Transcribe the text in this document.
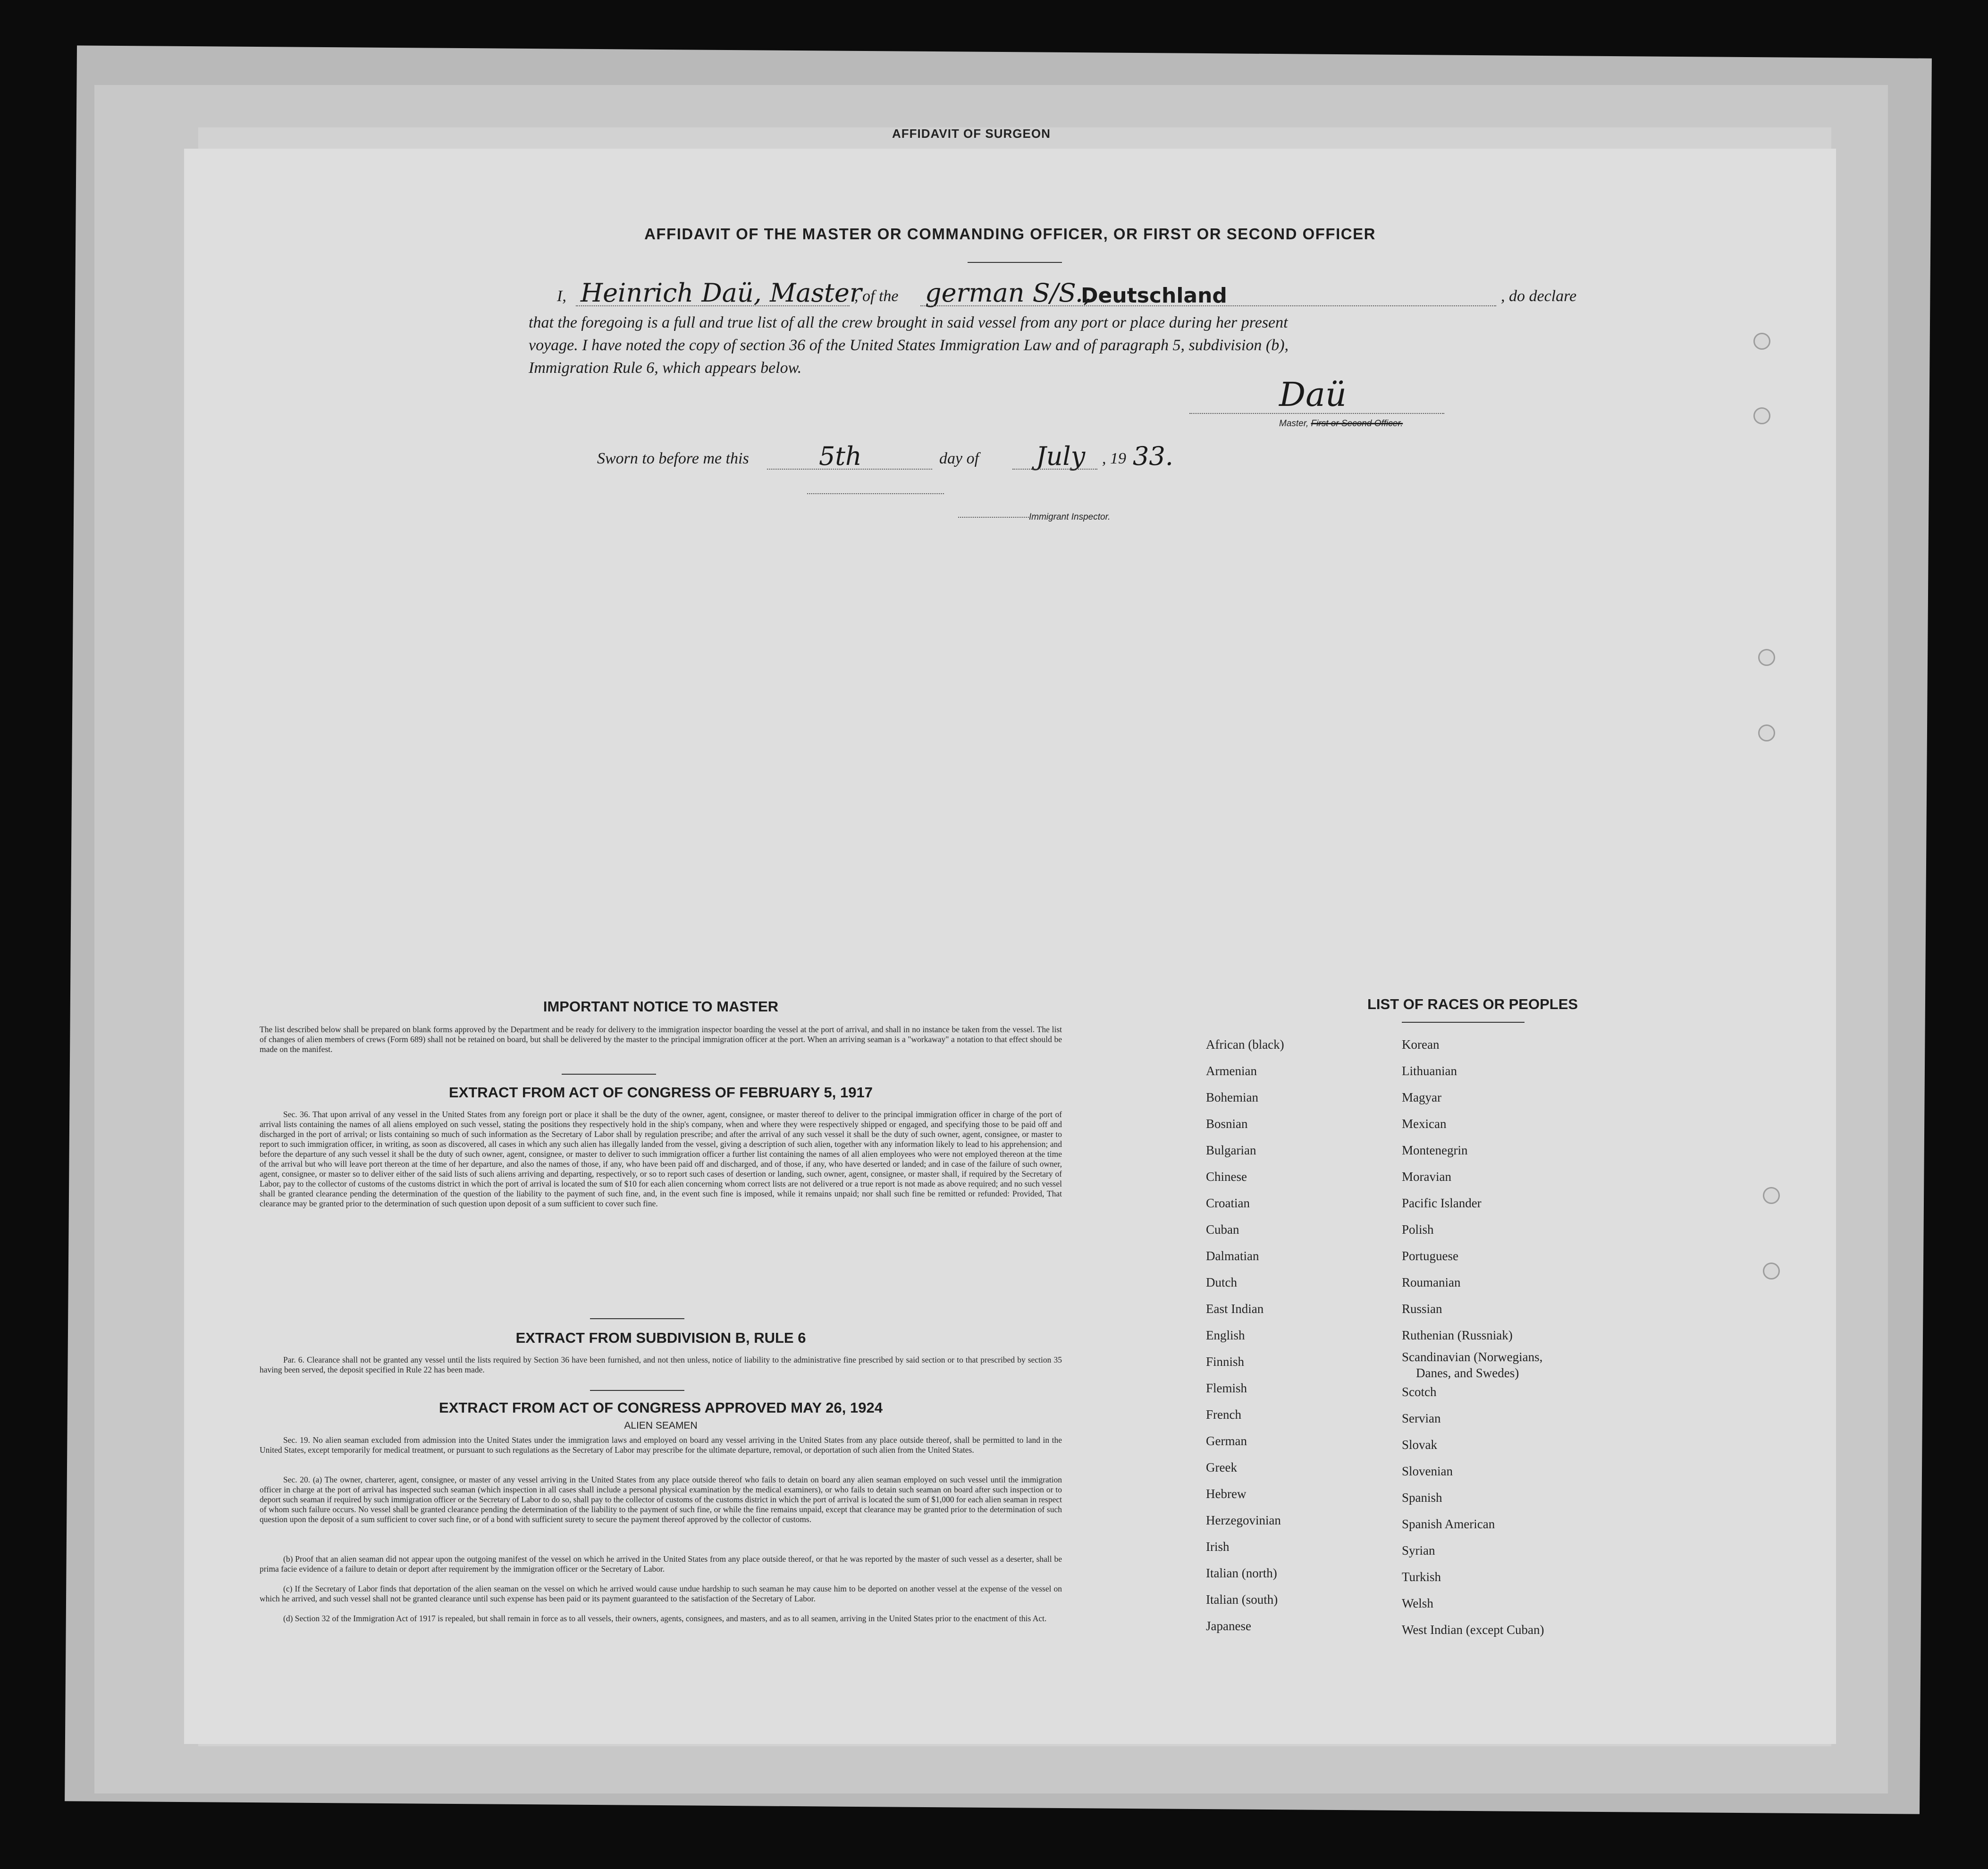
AFFIDAVIT OF SURGEON
AFFIDAVIT OF THE MASTER OR COMMANDING OFFICER, OR FIRST OR SECOND OFFICER
I, Heinrich Daü, Master
, of the german S/S.,
Deutschland	, do declare
that the foregoing is a full and true list of all the crew brought in said vessel from any port or place during her present
voyage. I have noted the copy of section 36 of the United States Immigration Law and of paragraph 5, subdivision (b),
Immigration Rule 6, which appears below.
Daü
Master, First or Second Officer.
Sworn to before me this	5th	day of July , 19 33.
Immigrant Inspector.
IMPORTANT NOTICE TO MASTER
The list described below shall be prepared on blank forms approved by the Department and be ready for delivery to the immigration inspector boarding the vessel at the port of arrival, and shall in no instance be taken from the vessel. The list of changes of alien members of crews (Form 689) shall not be retained on board, but shall be delivered by the master to the principal immigration officer at the port. When an arriving seaman is a "workaway" a notation to that effect should be made on the manifest.
EXTRACT FROM ACT OF CONGRESS OF FEBRUARY 5, 1917
Sec. 36. That upon arrival of any vessel in the United States from any foreign port or place it shall be the duty of the owner, agent, consignee, or master thereof to deliver to the principal immigration officer in charge of the port of arrival lists containing the names of all aliens employed on such vessel, stating the positions they respectively hold in the ship's company, when and where they were respectively shipped or engaged, and specifying those to be paid off and discharged in the port of arrival; or lists containing so much of such information as the Secretary of Labor shall by regulation prescribe; and after the arrival of any such vessel it shall be the duty of such owner, agent, consignee, or master to report to such immigration officer, in writing, as soon as discovered, all cases in which any such alien has illegally landed from the vessel, giving a description of such alien, together with any information likely to lead to his apprehension; and before the departure of any such vessel it shall be the duty of such owner, agent, consignee, or master to deliver to such immigration officer a further list containing the names of all alien employees who were not employed thereon at the time of the arrival but who will leave port thereon at the time of her departure, and also the names of those, if any, who have been paid off and discharged, and of those, if any, who have deserted or landed; and in case of the failure of such owner, agent, consignee, or master so to deliver either of the said lists of such aliens arriving and departing, respectively, or so to report such cases of desertion or landing, such owner, agent, consignee, or master shall, if required by the Secretary of Labor, pay to the collector of customs of the customs district in which the port of arrival is located the sum of $10 for each alien concerning whom correct lists are not delivered or a true report is not made as above required; and no such vessel shall be granted clearance pending the determination of the question of the liability to the payment of such fine, and, in the event such fine is imposed, while it remains unpaid; nor shall such fine be remitted or refunded: Provided, That clearance may be granted prior to the determination of such question upon deposit of a sum sufficient to cover such fine.
EXTRACT FROM SUBDIVISION B, RULE 6
Par. 6. Clearance shall not be granted any vessel until the lists required by Section 36 have been furnished, and not then unless, notice of liability to the administrative fine prescribed by said section or to that prescribed by section 35 having been served, the deposit specified in Rule 22 has been made.
EXTRACT FROM ACT OF CONGRESS APPROVED MAY 26, 1924
ALIEN SEAMEN
Sec. 19. No alien seaman excluded from admission into the United States under the immigration laws and employed on board any vessel arriving in the United States from any place outside thereof, shall be permitted to land in the United States, except temporarily for medical treatment, or pursuant to such regulations as the Secretary of Labor may prescribe for the ultimate departure, removal, or deportation of such alien from the United States.
Sec. 20. (a) The owner, charterer, agent, consignee, or master of any vessel arriving in the United States from any place outside thereof who fails to detain on board any alien seaman employed on such vessel until the immigration officer in charge at the port of arrival has inspected such seaman (which inspection in all cases shall include a personal physical examination by the medical examiners), or who fails to detain such seaman on board after such inspection or to deport such seaman if required by such immigration officer or the Secretary of Labor to do so, shall pay to the collector of customs of the customs district in which the port of arrival is located the sum of $1,000 for each alien seaman in respect of whom such failure occurs. No vessel shall be granted clearance pending the determination of the liability to the payment of such fine, or while the fine remains unpaid, except that clearance may be granted prior to the determination of such question upon the deposit of a sum sufficient to cover such fine, or of a bond with sufficient surety to secure the payment thereof approved by the collector of customs.
(b) Proof that an alien seaman did not appear upon the outgoing manifest of the vessel on which he arrived in the United States from any place outside thereof, or that he was reported by the master of such vessel as a deserter, shall be prima facie evidence of a failure to detain or deport after requirement by the immigration officer or the Secretary of Labor.
(c) If the Secretary of Labor finds that deportation of the alien seaman on the vessel on which he arrived would cause undue hardship to such seaman he may cause him to be deported on another vessel at the expense of the vessel on which he arrived, and such vessel shall not be granted clearance until such expense has been paid or its payment guaranteed to the satisfaction of the Secretary of Labor.
(d) Section 32 of the Immigration Act of 1917 is repealed, but shall remain in force as to all vessels, their owners, agents, consignees, and masters, and as to all seamen, arriving in the United States prior to the enactment of this Act.
LIST OF RACES OR PEOPLES
African (black)
Armenian
Bohemian
Bosnian
Bulgarian
Chinese
Croatian
Cuban
Dalmatian
Dutch
East Indian
English
Finnish
Flemish
French
German
Greek
Hebrew
Herzegovinian
Irish
Italian (north)
Italian (south)
Japanese
Korean
Lithuanian
Magyar
Mexican
Montenegrin
Moravian
Pacific Islander
Polish
Portuguese
Roumanian
Russian
Ruthenian (Russniak)
Scandinavian (Norwegians,
Danes, and Swedes)
Scotch
Servian
Slovak
Slovenian
Spanish
Spanish American
Syrian
Turkish
Welsh
West Indian (except Cuban)
